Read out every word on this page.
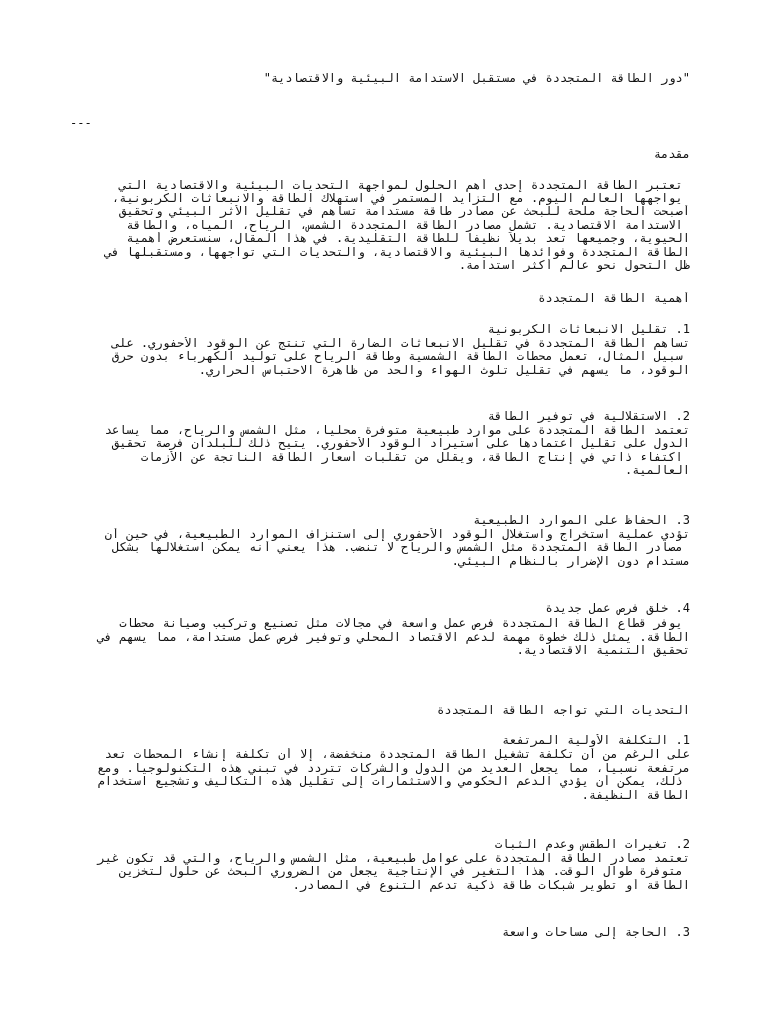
"دور الطاقة المتجددة في مستقبل الاستدامة البيئية والاقتصادية"
---
مقدمة
تعتبر الطاقة المتجددة إحدى أهم الحلول لمواجهة التحديات البيئية والاقتصادية التي
يواجهها العالم اليوم. مع التزايد المستمر في استهلاك الطاقة والانبعاثات الكربونية،
أصبحت الحاجة ملحة للبحث عن مصادر طاقة مستدامة تساهم في تقليل الأثر البيئي وتحقيق
الاستدامة الاقتصادية. تشمل مصادر الطاقة المتجددة الشمس، الرياح، المياه، والطاقة
الحيوية، وجميعها تعد بديلاً نظيفاً للطاقة التقليدية. في هذا المقال، سنستعرض أهمية
الطاقة المتجددة وفوائدها البيئية والاقتصادية، والتحديات التي تواجهها، ومستقبلها في
ظل التحول نحو عالم أكثر استدامة.
أهمية الطاقة المتجددة
1. تقليل الانبعاثات الكربونية
تساهم الطاقة المتجددة في تقليل الانبعاثات الضارة التي تنتج عن الوقود الأحفوري. على
سبيل المثال، تعمل محطات الطاقة الشمسية وطاقة الرياح على توليد الكهرباء بدون حرق
الوقود، ما يسهم في تقليل تلوث الهواء والحد من ظاهرة الاحتباس الحراري.
2. الاستقلالية في توفير الطاقة
تعتمد الطاقة المتجددة على موارد طبيعية متوفرة محلياً، مثل الشمس والرياح، مما يساعد
الدول على تقليل اعتمادها على استيراد الوقود الأحفوري. يتيح ذلك للبلدان فرصة تحقيق
اكتفاء ذاتي في إنتاج الطاقة، ويقلل من تقلبات أسعار الطاقة الناتجة عن الأزمات
العالمية.
3. الحفاظ على الموارد الطبيعية
تؤدي عملية استخراج واستغلال الوقود الأحفوري إلى استنزاف الموارد الطبيعية، في حين أن
مصادر الطاقة المتجددة مثل الشمس والرياح لا تنضب. هذا يعني أنه يمكن استغلالها بشكل
مستدام دون الإضرار بالنظام البيئي.
4. خلق فرص عمل جديدة
يوفر قطاع الطاقة المتجددة فرص عمل واسعة في مجالات مثل تصنيع وتركيب وصيانة محطات
الطاقة. يمثل ذلك خطوة مهمة لدعم الاقتصاد المحلي وتوفير فرص عمل مستدامة، مما يسهم في
تحقيق التنمية الاقتصادية.
التحديات التي تواجه الطاقة المتجددة
1. التكلفة الأولية المرتفعة
على الرغم من أن تكلفة تشغيل الطاقة المتجددة منخفضة، إلا أن تكلفة إنشاء المحطات تعد
مرتفعة نسبياً، مما يجعل العديد من الدول والشركات تتردد في تبني هذه التكنولوجيا. ومع
ذلك، يمكن أن يؤدي الدعم الحكومي والاستثمارات إلى تقليل هذه التكاليف وتشجيع استخدام
الطاقة النظيفة.
2. تغيرات الطقس وعدم الثبات
تعتمد مصادر الطاقة المتجددة على عوامل طبيعية، مثل الشمس والرياح، والتي قد تكون غير
متوفرة طوال الوقت. هذا التغير في الإنتاجية يجعل من الضروري البحث عن حلول لتخزين
الطاقة أو تطوير شبكات طاقة ذكية تدعم التنوع في المصادر.
3. الحاجة إلى مساحات واسعة
